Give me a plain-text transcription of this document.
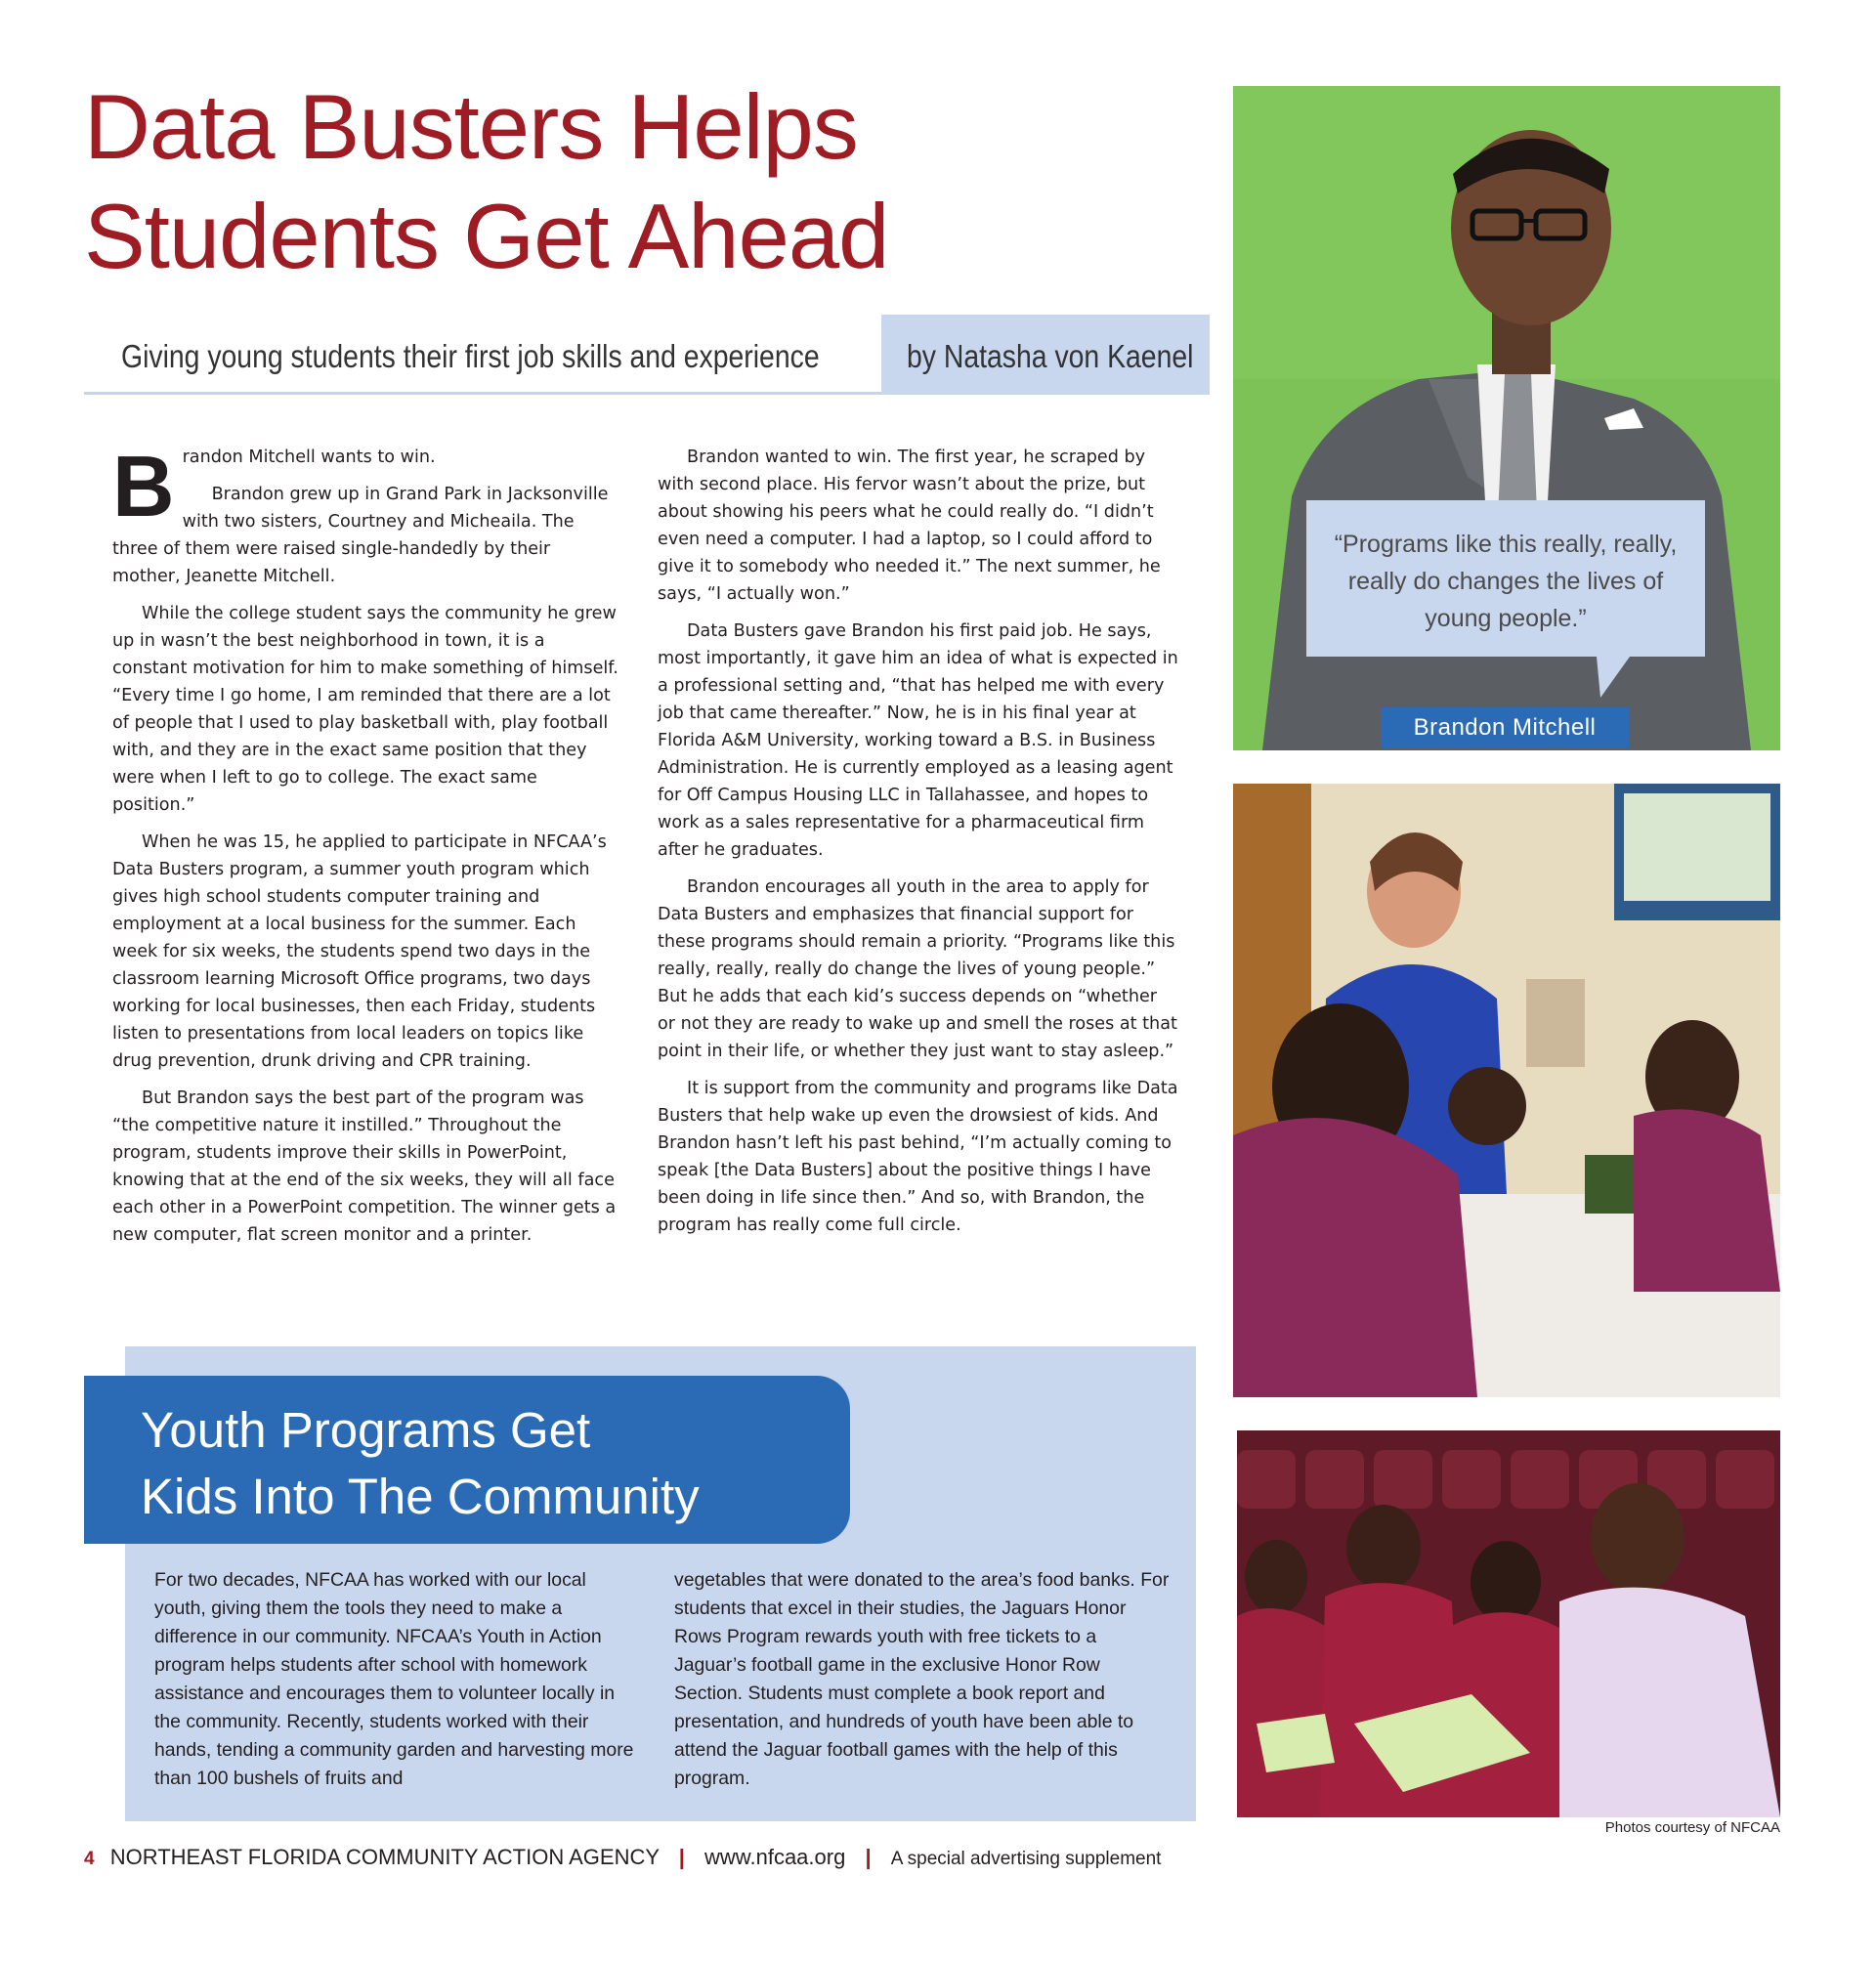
Data Busters Helps
Students Get Ahead
Giving young students their first job skills and experience	by Natasha von Kaenel

Brandon Mitchell wants to win.

Brandon grew up in Grand Park in Jacksonville with two sisters, Courtney and Micheaila. The three of them were raised single-handedly by their mother, Jeanette Mitchell.

While the college student says the community he grew up in wasn’t the best neighborhood in town, it is a constant motivation for him to make something of himself. “Every time I go home, I am reminded that there are a lot of people that I used to play basketball with, play football with, and they are in the exact same position that they were when I left to go to college. The exact same position.”

When he was 15, he applied to participate in NFCAA’s Data Busters program, a summer youth program which gives high school students computer training and employment at a local business for the summer. Each week for six weeks, the students spend two days in the classroom learning Microsoft Office programs, two days working for local businesses, then each Friday, students listen to presentations from local leaders on topics like drug prevention, drunk driving and CPR training.

But Brandon says the best part of the program was “the competitive nature it instilled.” Throughout the program, students improve their skills in PowerPoint, knowing that at the end of the six weeks, they will all face each other in a PowerPoint competition. The winner gets a new computer, flat screen monitor and a printer.

Brandon wanted to win. The first year, he scraped by with second place. His fervor wasn’t about the prize, but about showing his peers what he could really do. “I didn’t even need a computer. I had a laptop, so I could afford to give it to somebody who needed it.” The next summer, he says, “I actually won.”

Data Busters gave Brandon his first paid job. He says, most importantly, it gave him an idea of what is expected in a professional setting and, “that has helped me with every job that came thereafter.” Now, he is in his final year at Florida A&M University, working toward a B.S. in Business Administration. He is currently employed as a leasing agent for Off Campus Housing LLC in Tallahassee, and hopes to work as a sales representative for a pharmaceutical firm after he graduates.

Brandon encourages all youth in the area to apply for Data Busters and emphasizes that financial support for these programs should remain a priority. “Programs like this really, really, really do change the lives of young people.” But he adds that each kid’s success depends on “whether or not they are ready to wake up and smell the roses at that point in their life, or whether they just want to stay asleep.”

It is support from the community and programs like Data Busters that help wake up even the drowsiest of kids. And Brandon hasn’t left his past behind, “I’m actually coming to speak [the Data Busters] about the positive things I have been doing in life since then.” And so, with Brandon, the program has really come full circle.

“Programs like this really, really, really do changes the lives of young people.”
Brandon Mitchell
Photos courtesy of NFCAA
Youth Programs Get
Kids Into The Community
For two decades, NFCAA has worked with our local youth, giving them the tools they need to make a difference in our community. NFCAA’s Youth in Action program helps students after school with homework assistance and encourages them to volunteer locally in the community. Recently, students worked with their hands, tending a community garden and harvesting more than 100 bushels of fruits and
vegetables that were donated to the area’s food banks. For students that excel in their studies, the Jaguars Honor Rows Program rewards youth with free tickets to a Jaguar’s football game in the exclusive Honor Row Section. Students must complete a book report and presentation, and hundreds of youth have been able to attend the Jaguar football games with the help of this program.
4 NORTHEAST FLORIDA COMMUNITY ACTION AGENCY | www.nfcaa.org | A special advertising supplement
